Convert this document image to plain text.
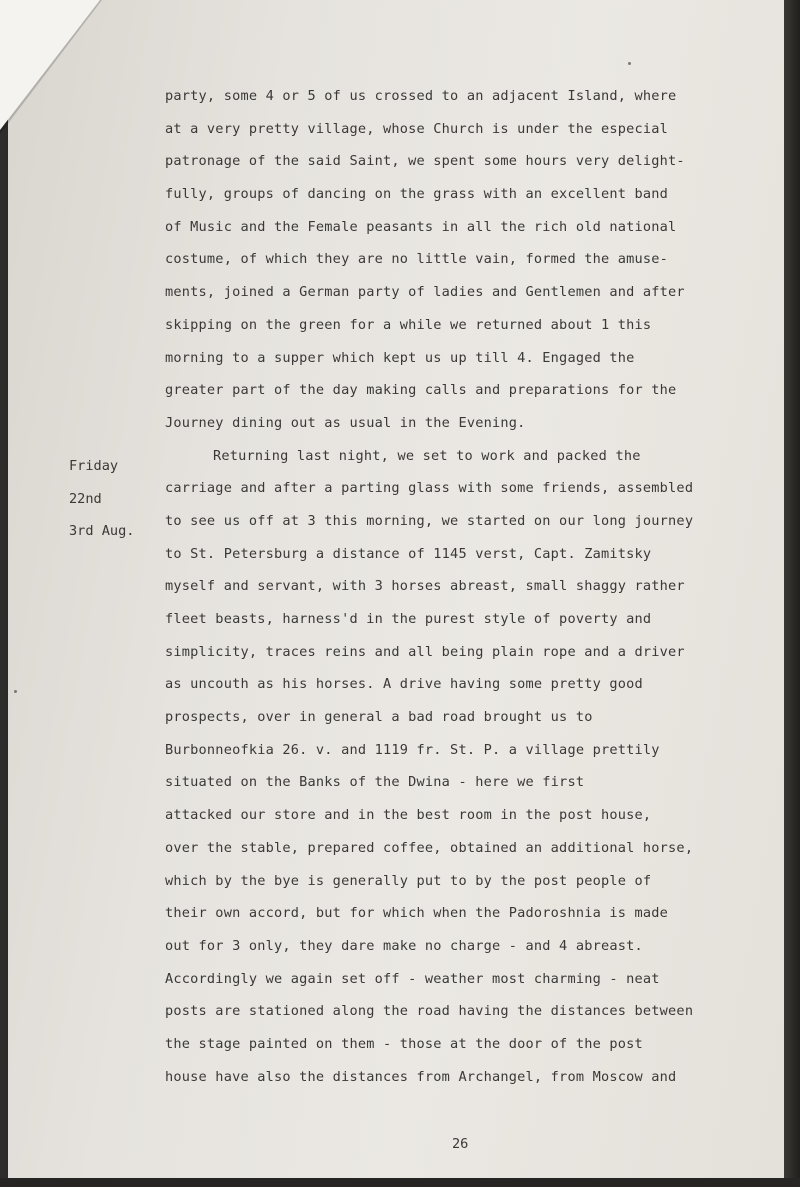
party, some 4 or 5 of us crossed to an adjacent Island, where
at a very pretty village, whose Church is under the especial
patronage of the said Saint, we spent some hours very delight-
fully, groups of dancing on the grass with an excellent band
of Music and the Female peasants in all the rich old national
costume, of which they are no little vain, formed the amuse-
ments, joined a German party of ladies and Gentlemen and after
skipping on the green for a while we returned about 1 this
morning to a supper which kept us up till 4. Engaged the
greater part of the day making calls and preparations for the
Journey dining out as usual in the Evening.
Returning last night, we set to work and packed the
carriage and after a parting glass with some friends, assembled
to see us off at 3 this morning, we started on our long journey
to St. Petersburg a distance of 1145 verst, Capt. Zamitsky
myself and servant, with 3 horses abreast, small shaggy rather
fleet beasts, harness'd in the purest style of poverty and
simplicity, traces reins and all being plain rope and a driver
as uncouth as his horses. A drive having some pretty good
prospects, over in general a bad road brought us to
Burbonneofkia 26. v. and 1119 fr. St. P. a village prettily
situated on the Banks of the Dwina - here we first
attacked our store and in the best room in the post house,
over the stable, prepared coffee, obtained an additional horse,
which by the bye is generally put to by the post people of
their own accord, but for which when the Padoroshnia is made
out for 3 only, they dare make no charge - and 4 abreast.
Accordingly we again set off - weather most charming - neat
posts are stationed along the road having the distances between
the stage painted on them - those at the door of the post
house have also the distances from Archangel, from Moscow and
Friday
22nd
3rd Aug.
26
